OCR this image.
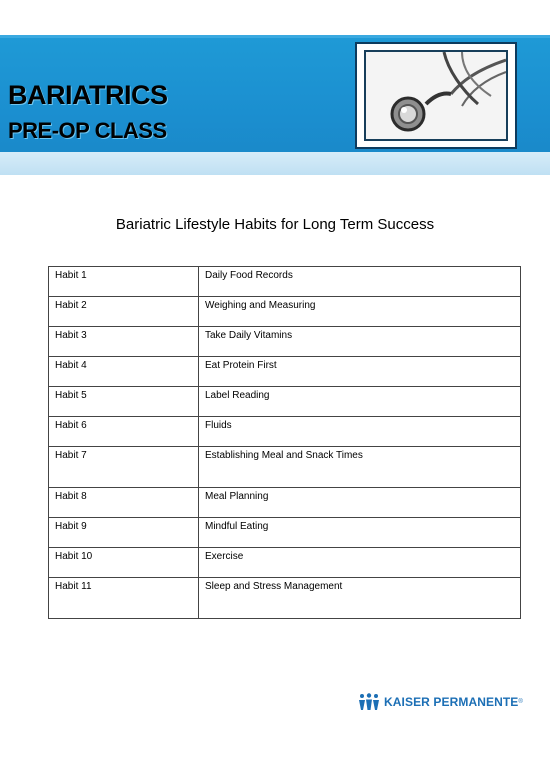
BARIATRICS
PRE-OP CLASS
Bariatric Lifestyle Habits for Long Term Success
Habit 1	Daily Food Records
Habit 2	Weighing and Measuring
Habit 3	Take Daily Vitamins
Habit 4	Eat Protein First
Habit 5	Label Reading
Habit 6	Fluids
Habit 7	Establishing Meal and Snack Times
Habit 8	Meal Planning
Habit 9	Mindful Eating
Habit 10	Exercise
Habit 11	Sleep and Stress Management
KAISER PERMANENTE ®
